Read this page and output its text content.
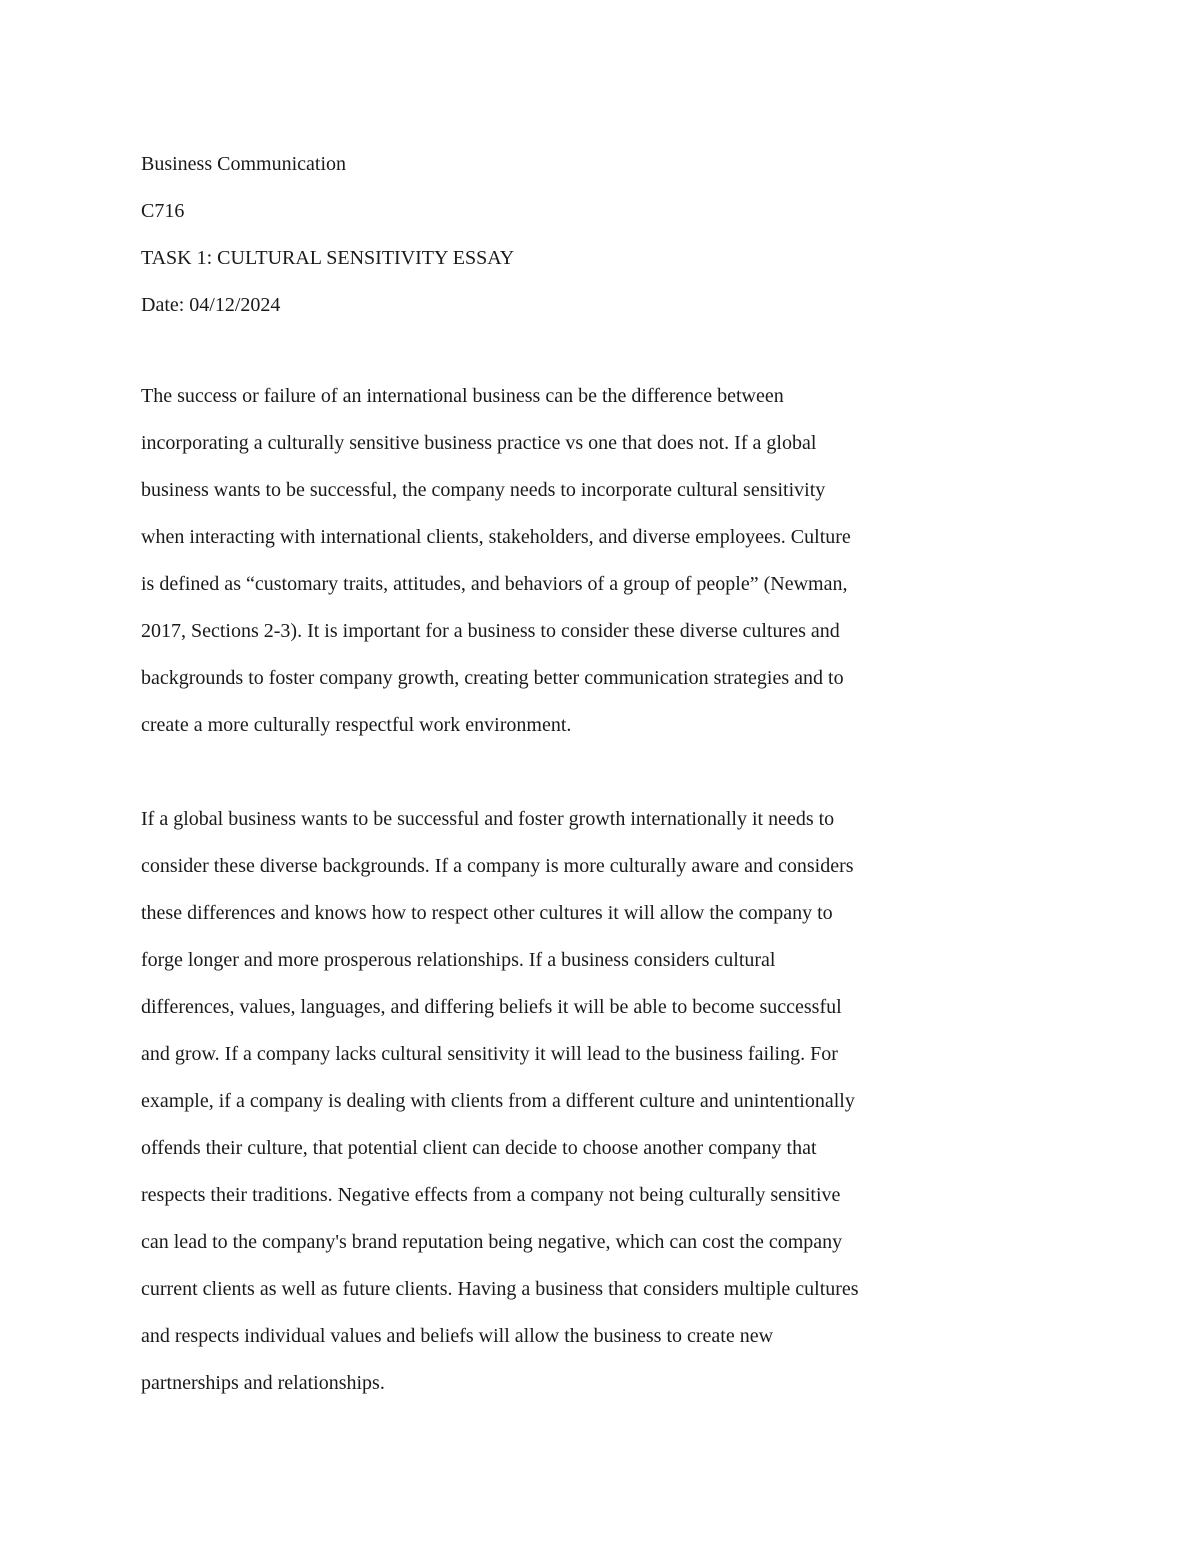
Business Communication
C716
TASK 1: CULTURAL SENSITIVITY ESSAY
Date: 04/12/2024
The success or failure of an international business can be the difference between
incorporating a culturally sensitive business practice vs one that does not. If a global
business wants to be successful, the company needs to incorporate cultural sensitivity
when interacting with international clients, stakeholders, and diverse employees. Culture
is defined as “customary traits, attitudes, and behaviors of a group of people” (Newman,
2017, Sections 2-3). It is important for a business to consider these diverse cultures and
backgrounds to foster company growth, creating better communication strategies and to
create a more culturally respectful work environment.
If a global business wants to be successful and foster growth internationally it needs to
consider these diverse backgrounds. If a company is more culturally aware and considers
these differences and knows how to respect other cultures it will allow the company to
forge longer and more prosperous relationships. If a business considers cultural
differences, values, languages, and differing beliefs it will be able to become successful
and grow. If a company lacks cultural sensitivity it will lead to the business failing. For
example, if a company is dealing with clients from a different culture and unintentionally
offends their culture, that potential client can decide to choose another company that
respects their traditions. Negative effects from a company not being culturally sensitive
can lead to the company's brand reputation being negative, which can cost the company
current clients as well as future clients. Having a business that considers multiple cultures
and respects individual values and beliefs will allow the business to create new
partnerships and relationships.
